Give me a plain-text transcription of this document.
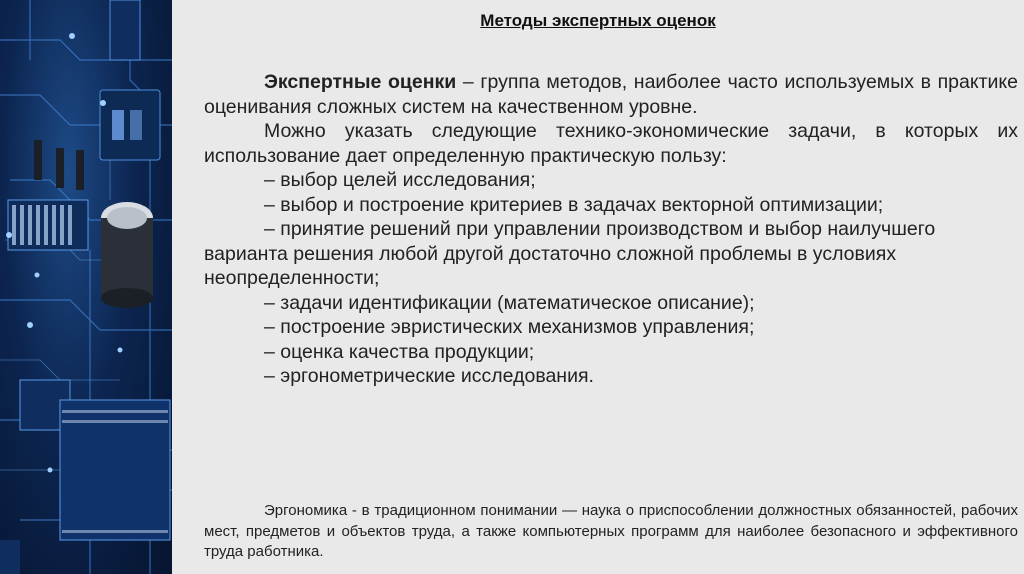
Методы экспертных оценок

Экспертные оценки – группа методов, наиболее часто используемых в практике оценивания сложных систем на качественном уровне.

Можно указать следующие технико-экономические задачи, в которых их использование дает определенную практическую пользу:

– выбор целей исследования;

– выбор и построение критериев в задачах векторной оптимизации;

– принятие решений при управлении производством и выбор наилучшего варианта решения любой другой достаточно сложной проблемы в условиях неопределенности;

– задачи идентификации (математическое описание);

– построение эвристических механизмов управления;

– оценка качества продукции;

– эргонометрические исследования.

Эргономика - в традиционном понимании — наука о приспособлении должностных обязанностей, рабочих мест, предметов и объектов труда, а также компьютерных программ для наиболее безопасного и эффективного труда работника.
